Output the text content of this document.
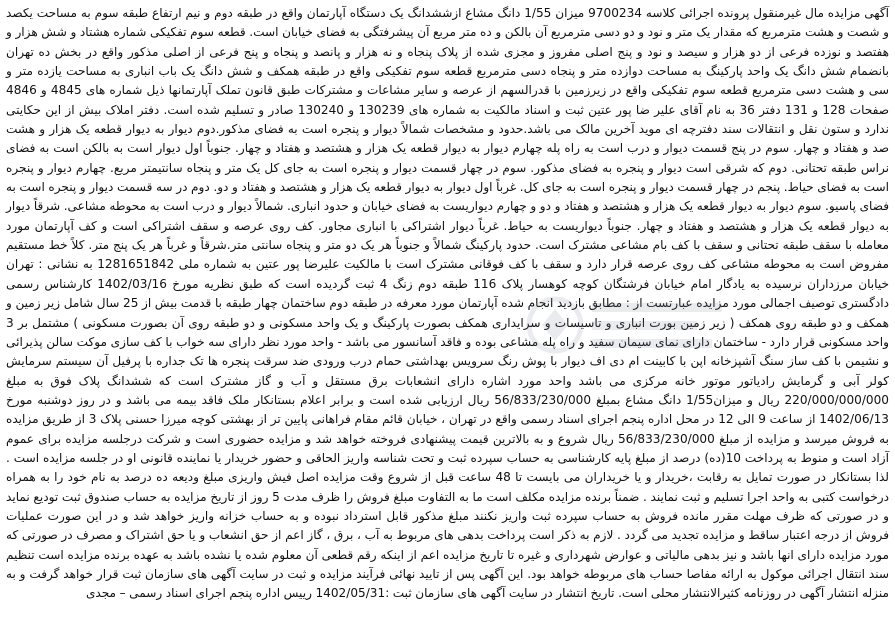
آگهی مزایده مال غیرمنقول پرونده اجرائی کلاسه 9700234 میزان 1/55 دانگ مشاع ازششدانگ یک دستگاه آپارتمان واقع در طبقه دوم و نیم ارتفاع طبقه سوم به مساحت یکصد و شصت و هشت مترمربع که مقدار یک متر و نود و دو دسی مترمربع آن بالکن و ده متر مربع آن پیشرفتگی به فضای خیابان است. قطعه سوم تفکیکی شماره هشتاد و شش هزار و هفتصد و نوزده فرعی از دو هزار و سیصد و نود و پنج اصلی مفروز و مجزی شده از پلاک پنجاه و نه هزار و پانصد و پنجاه و پنج فرعی از اصلی مذکور واقع در بخش ده تهران بانضمام شش دانگ یک واحد پارکینگ به مساحت دوازده متر و پنجاه دسی مترمربع قطعه سوم تفکیکی واقع در طبقه همکف و شش دانگ یک باب انباری به مساحت یازده متر و سی و هشت دسی مترمربع قطعه سوم تفکیکی واقع در زیرزمین با قدرالسهم از عرصه و سایر مشاعات و مشترکات طبق قانون تملک آپارتمانها ذیل شماره های 4845 و 4846 صفحات 128 و 131 دفتر 36 به نام آقای علیر ضا پور عتین ثبت و اسناد مالکیت به شماره های 130239 و 130240 صادر و تسلیم شده است. دفتر املاک بیش از این حکایتی ندارد و ستون نقل و انتقالات سند دفترچه ای موید آخرین مالک می باشد.حدود و مشخصات شمالاً دیوار و پنجره است به فضای مذکور.دوم دیوار به دیوار قطعه یک هزار و هشت صد و هفتاد و چهار. سوم در پنج قسمت دیوار و درب است به راه پله چهارم دیوار به دیوار قطعه یک هزار و هشتصد و هفتاد و چهار. جنوباً اول دیوار است به بالکن است به فضای نراس طبقه تحتانی. دوم که شرقی است دیوار و پنجره به فضای مذکور. سوم در چهار قسمت دیوار و پنجره است به جای کل یک متر و پنجاه سانتیمتر مربع. چهارم دیوار و پنجره است به فضای حیاط. پنجم در چهار قسمت دیوار و پنجره است به جای کل. غرباً اول دیوار به دیوار قطعه یک هزار و هشتصد و هفتاد و دو. دوم در سه قسمت دیوار و پنجره است به فضای پاسیو. سوم دیوار به دیوار قطعه یک هزار و هشتصد و هفتاد و دو و چهارم دیواریست به فضای خیابان و حدود انباری. شمالاً دیوار و درب است به محوطه مشاعی. شرقاً دیوار به دیوار قطعه یک هزار و هشتصد و هفتاد و چهار. جنوباً دیواریست به حیاط. غرباً دیوار اشتراکی با انباری مجاور. کف روی عرصه و سقف اشتراکی است و کف آپارتمان مورد معامله با سقف طبقه تحتانی و سقف با کف بام مشاعی مشترک است. حدود پارکینگ شمالاً و جنوباً هر یک دو متر و پنجاه سانتی متر.شرقاً و غرباً هر یک پنج متر. کلاً خط مستقیم مفروض است به محوطه مشاعی کف روی عرصه قرار دارد و سقف با کف فوقانی مشترک است با مالکیت علیرضا پور عتین به شماره ملی 1281651842 به نشانی : تهران خیابان مرزداران نرسیده به یادگار امام خیابان فرشتگان کوچه کوهسار پلاک 116 طبقه دوم زنگ 4 ثبت گردیده است که طبق نظریه مورخ 1402/03/16 کارشناس رسمی دادگستری توصیف اجمالی مورد مزایده عبارتست از : مطابق بازدید انجام شده آپارتمان مورد معرفه در طبقه دوم ساختمان چهار طبقه با قدمت بیش از 25 سال شامل زیر زمین و همکف و دو طبقه روی همکف ( زیر زمین بورت انباری و تاسیسات و سرایداری همکف بصورت پارکینگ و یک واحد مسکونی و دو طبقه روی آن بصورت مسکونی ) مشتمل بر 3 واحد مسکونی قرار دارد - ساختمان دارای نمای سیمان سفید و راه پله مشاعی بوده و فاقد آسانسور می باشد - واحد مورد نظر دارای سه خواب با کف سازی موکت سالن پذیرائی و نشیمن با کف ساز سنگ آشپزخانه اپن با کابینت ام دی اف دیوار با پوش رنگ سرویس بهداشتی حمام درب ورودی ضد سرقت پنجره ها تک جداره با پرفیل آن سیستم سرمایش کولر آبی و گرمایش رادیاتور موتور خانه مرکزی می باشد واحد مورد اشاره دارای انشعابات برق مستقل و آب و گاز مشترک است که ششدانگ پلاک فوق به مبلغ 220/000/000/000 ریال و میزان1/55 دانگ مشاع بمبلغ 56/833/230/000 ریال ارزیابی شده است و برابر اعلام بستانکار ملک فاقد بیمه می باشد و در روز دوشنبه مورخ 1402/06/13 از ساعت 9 الی 12 در محل اداره پنجم اجرای اسناد رسمی واقع در تهران ، خیابان قائم مقام فراهانی پایین تر از بهشتی کوچه میرزا حسنی پلاک 3 از طریق مزایده به فروش میرسد و مزایده از مبلغ 56/833/230/000 ریال شروع و به بالاترین قیمت پیشنهادی فروخته خواهد شد و مزایده حضوری است و شرکت درجلسه مزایده برای عموم آزاد است و منوط به پرداخت 10(ده) درصد از مبلغ پایه کارشناسی به حساب سپرده ثبت و تحت شناسه واریز الحاقی و حضور خریدار یا نماینده قانونی او در جلسه مزایده است . لذا بستانکار در صورت تمایل به رقابت ،خریدار و یا خریداران می بایست تا 48 ساعت قبل از شروع وقت مزایده اصل فیش واریزی مبلغ ودیعه ده درصد به نام خود را به همراه درخواست کتبی به واحد اجرا تسلیم و ثبت نمایند . ضمناً برنده مزایده مکلف است ما به التفاوت مبلغ فروش را ظرف مدت 5 روز از تاریخ مزایده به حساب صندوق ثبت تودیع نماید و در صورتی که ظرف مهلت مقرر مانده فروش به حساب سپرده ثبت واریز نکنند مبلغ مذکور قابل استرداد نبوده و به حساب خزانه واریز خواهد شد و در این صورت عملیات فروش از درجه اعتبار ساقط و مزایده تجدید می گردد . لازم به ذکر است پرداخت بدهی های مربوط به آب ، برق ، گاز اعم از حق انشعاب و یا حق اشتراک و مصرف در صورتی که مورد مزایده دارای انها باشد و نیز بدهی مالیاتی و عوارض شهرداری و غیره تا تاریخ مزایده اعم از اینکه رقم قطعی آن معلوم شده یا نشده باشد به عهده برنده مزایده است تنظیم سند انتقال اجرائی موکول به ارائه مفاصا حساب های مربوطه خواهد بود. این آگهی پس از تایید نهائی فرآیند مزایده و ثبت در سایت آگهی های سازمان ثبت قرار خواهد گرفت و به منزله انتشار آگهی در روزنامه کثیرالانتشار محلی است. تاریخ انتشار در سایت آگهی های سازمان ثبت :1402/05/31 رییس اداره پنجم اجرای اسناد رسمی – مجدی
